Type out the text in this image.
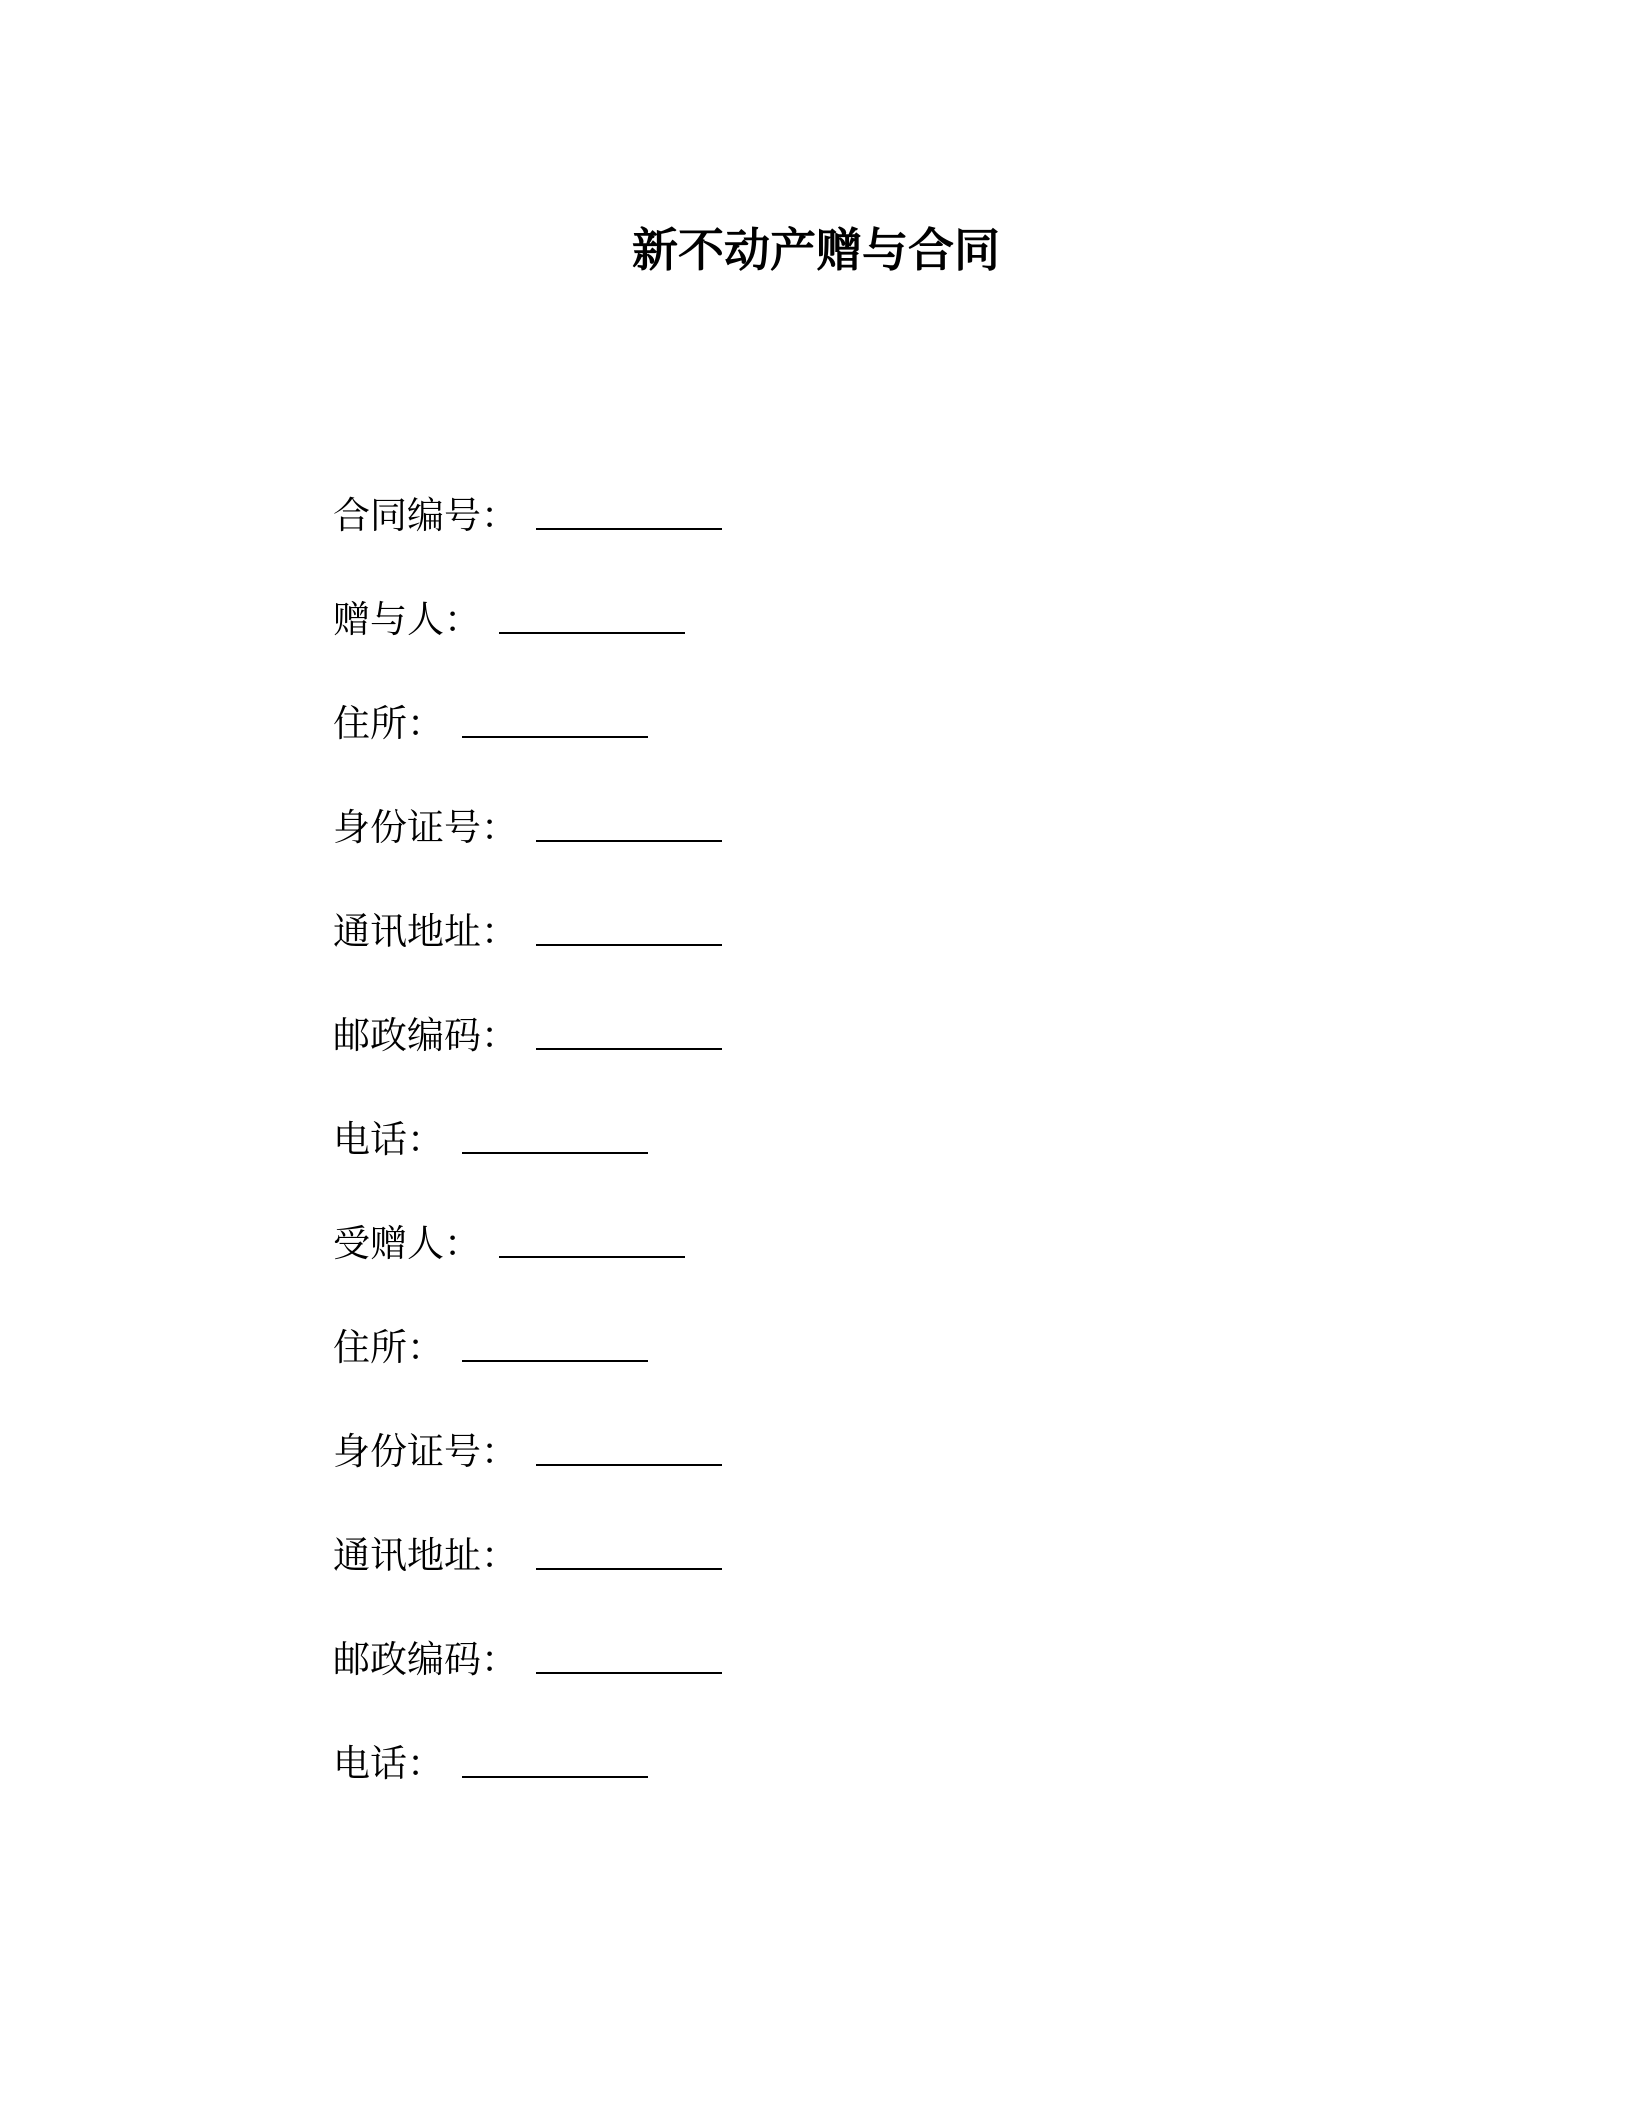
新不动产赠与合同
合同编号 ：
赠与人 ：
住所 ：
身份证号 ：
通讯地址 ：
邮政编码 ：
电话 ：
受赠人 ：
住所 ：
身份证号 ：
通讯地址 ：
邮政编码 ：
电话 ：
